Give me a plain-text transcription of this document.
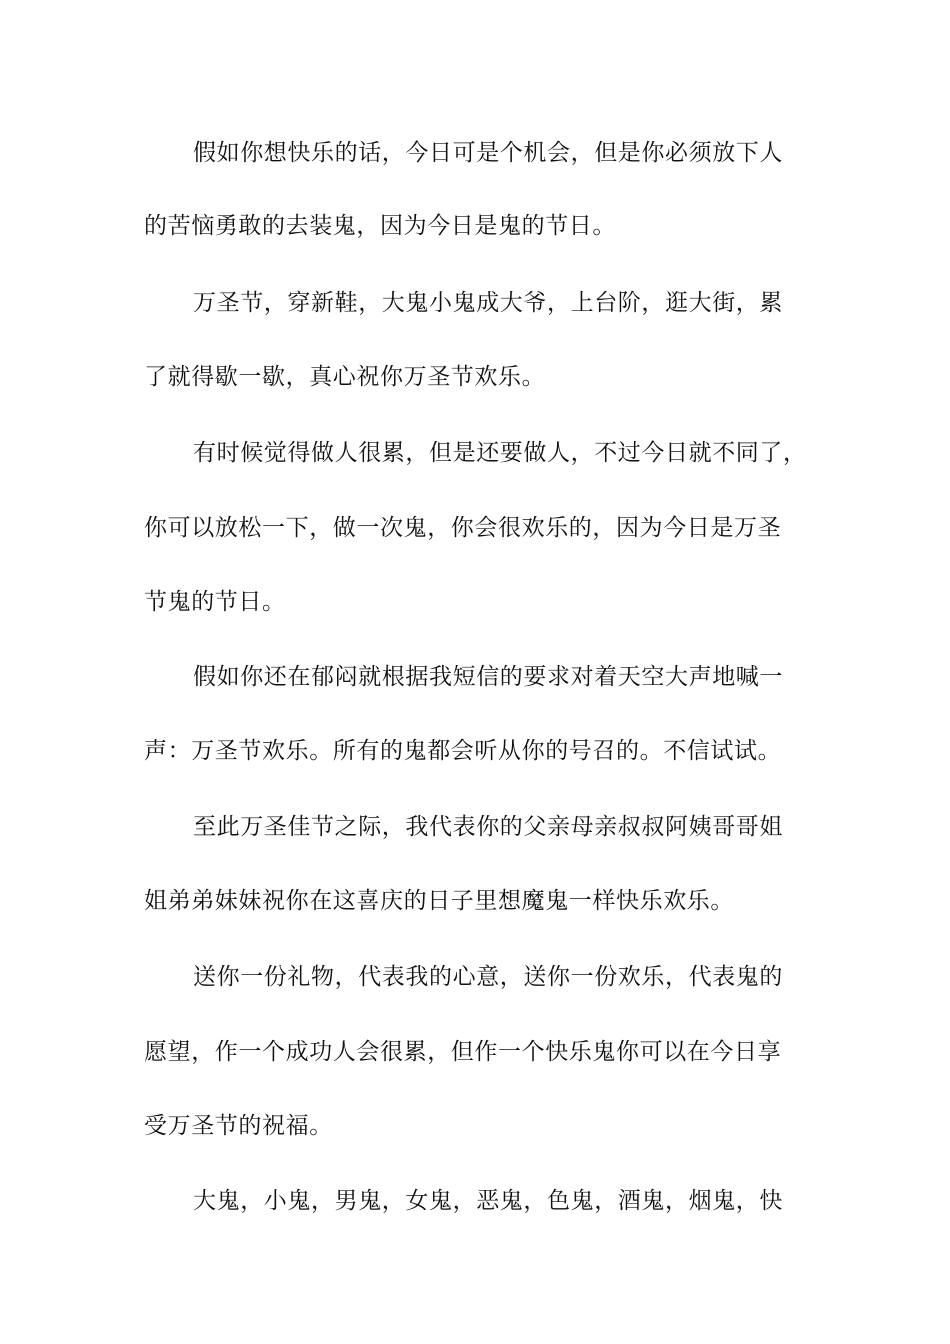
假如你想快乐的话，今日可是个机会，但是你必须放下人
的苦恼勇敢的去装鬼，因为今日是鬼的节日。
万圣节，穿新鞋，大鬼小鬼成大爷，上台阶，逛大街，累
了就得歇一歇，真心祝你万圣节欢乐。
有时候觉得做人很累，但是还要做人，不过今日就不同了，
你可以放松一下，做一次鬼，你会很欢乐的，因为今日是万圣
节鬼的节日。
假如你还在郁闷就根据我短信的要求对着天空大声地喊一
声：万圣节欢乐。所有的鬼都会听从你的号召的。不信试试。
至此万圣佳节之际，我代表你的父亲母亲叔叔阿姨哥哥姐
姐弟弟妹妹祝你在这喜庆的日子里想魔鬼一样快乐欢乐。
送你一份礼物，代表我的心意，送你一份欢乐，代表鬼的
愿望，作一个成功人会很累，但作一个快乐鬼你可以在今日享
受万圣节的祝福。
大鬼，小鬼，男鬼，女鬼，恶鬼，色鬼，酒鬼，烟鬼，快
